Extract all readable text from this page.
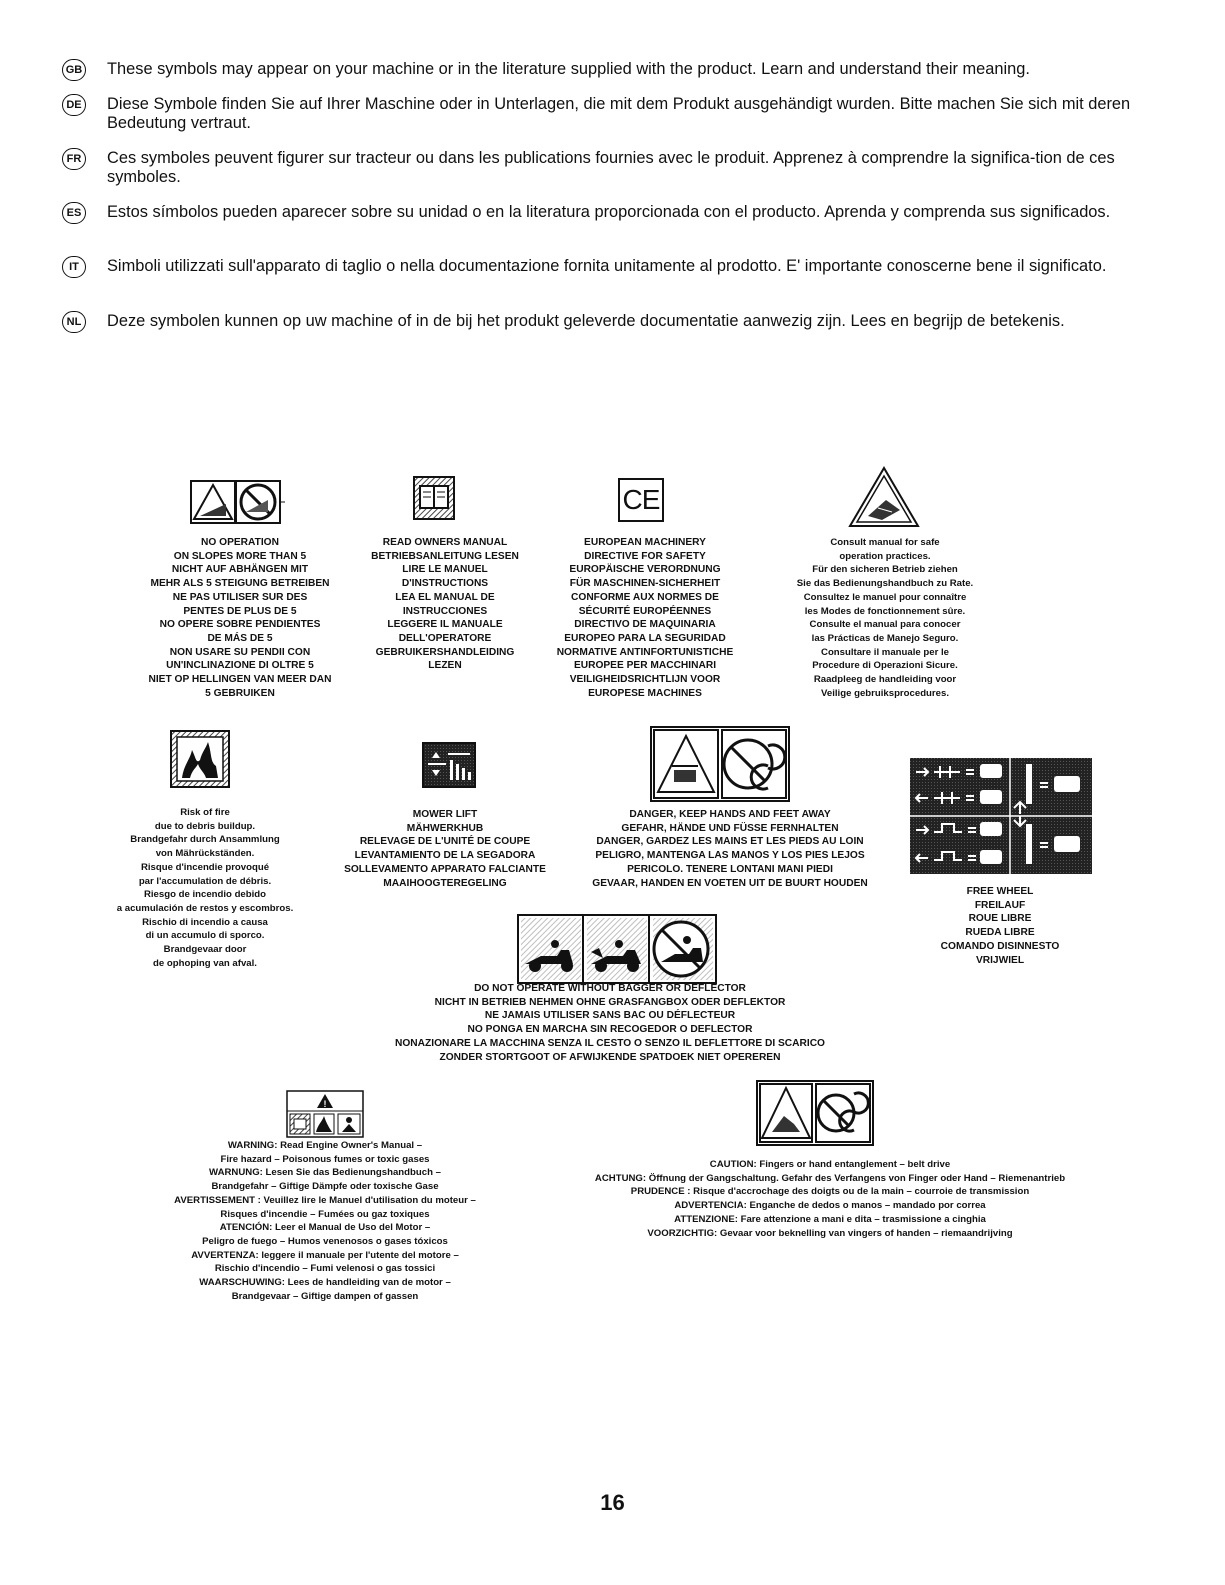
GB These symbols may appear on your machine or in the literature supplied with the product. Learn and understand their meaning.
DE Diese Symbole finden Sie auf Ihrer Maschine oder in Unterlagen, die mit dem Produkt ausgehändigt wurden. Bitte machen Sie sich mit deren Bedeutung vertraut.
FR Ces symboles peuvent figurer sur tracteur ou dans les publications fournies avec le produit. Apprenez à comprendre la significa-tion de ces symboles.
ES Estos símbolos pueden aparecer sobre su unidad o en la literatura proporcionada con el producto. Aprenda y comprenda sus significados.
IT	Simboli utilizzati sull'apparato di taglio o nella documentazione fornita unitamente al prodotto. E' importante conoscerne bene il significato.
NL Deze symbolen kunnen op uw machine of in de bij het produkt geleverde documentatie aanwezig zijn. Lees en begrijp de betekenis.
CE
NO OPERATION
ON SLOPES MORE THAN 5
NICHT AUF ABHÄNGEN MIT
MEHR ALS 5 STEIGUNG BETREIBEN
NE PAS UTILISER SUR DES
PENTES DE PLUS DE 5
NO OPERE SOBRE PENDIENTES
DE MÁS DE 5
NON USARE SU PENDII CON
UN'INCLINAZIONE DI OLTRE 5
NIET OP HELLINGEN VAN MEER DAN
5 GEBRUIKEN
READ OWNERS MANUAL
BETRIEBSANLEITUNG LESEN
LIRE LE MANUEL
D'INSTRUCTIONS
LEA EL MANUAL DE
INSTRUCCIONES
LEGGERE IL MANUALE
DELL'OPERATORE
GEBRUIKERSHANDLEIDING
LEZEN
EUROPEAN MACHINERY
DIRECTIVE FOR SAFETY
EUROPÄISCHE VERORDNUNG
FÜR MASCHINEN-SICHERHEIT
CONFORME AUX NORMES DE
SÉCURITÉ EUROPÉENNES
DIRECTIVO DE MAQUINARIA
EUROPEO PARA LA SEGURIDAD
NORMATIVE ANTINFORTUNISTICHE
EUROPEE PER MACCHINARI
VEILIGHEIDSRICHTLIJN VOOR
EUROPESE MACHINES
Consult manual for safe
operation practices.
Für den sicheren Betrieb ziehen
Sie das Bedienungshandbuch zu Rate.
Consultez le manuel pour connaître
les Modes de fonctionnement sûre.
Consulte el manual para conocer
las Prácticas de Manejo Seguro.
Consultare il manuale per le
Procedure di Operazioni Sicure.
Raadpleeg de handleiding voor
Veilige gebruiksprocedures.
Risk of fire
due to debris buildup.
Brandgefahr durch Ansammlung
von Mährückständen.
Risque d'incendie provoqué
par l'accumulation de débris.
Riesgo de incendio debido
a acumulación de restos y escombros.
Rischio di incendio a causa
di un accumulo di sporco.
Brandgevaar door
de ophoping van afval.
MOWER LIFT
MÄHWERKHUB
RELEVAGE DE L'UNITÉ DE COUPE
LEVANTAMIENTO DE LA SEGADORA
SOLLEVAMENTO APPARATO FALCIANTE
MAAIHOOGTEREGELING
DANGER, KEEP HANDS AND FEET AWAY
GEFAHR, HÄNDE UND FÜSSE FERNHALTEN
DANGER, GARDEZ LES MAINS ET LES PIEDS AU LOIN
PELIGRO, MANTENGA LAS MANOS Y LOS PIES LEJOS
PERICOLO. TENERE LONTANI MANI PIEDI
GEVAAR, HANDEN EN VOETEN UIT DE BUURT HOUDEN
FREE WHEEL
FREILAUF
ROUE LIBRE
RUEDA LIBRE
COMANDO DISINNESTO
VRIJWIEL
DO NOT OPERATE WITHOUT BAGGER OR DEFLECTOR
NICHT IN BETRIEB NEHMEN OHNE GRASFANGBOX ODER DEFLEKTOR
NE JAMAIS UTILISER SANS BAC OU DÉFLECTEUR
NO PONGA EN MARCHA SIN RECOGEDOR O DEFLECTOR
NONAZIONARE LA MACCHINA SENZA IL CESTO O SENZO IL DEFLETTORE DI SCARICO
ZONDER STORTGOOT OF AFWIJKENDE SPATDOEK NIET OPEREREN
!
WARNING: Read Engine Owner's Manual –
Fire hazard – Poisonous fumes or toxic gases
WARNUNG: Lesen Sie das Bedienungshandbuch –
Brandgefahr – Giftige Dämpfe oder toxische Gase
AVERTISSEMENT : Veuillez lire le Manuel d'utilisation du moteur –
Risques d'incendie – Fumées ou gaz toxiques
ATENCIÓN: Leer el Manual de Uso del Motor –
Peligro de fuego – Humos venenosos o gases tóxicos
AVVERTENZA: leggere il manuale per l'utente del motore –
Rischio d'incendio – Fumi velenosi o gas tossici
WAARSCHUWING: Lees de handleiding van de motor –
Brandgevaar – Giftige dampen of gassen
CAUTION: Fingers or hand entanglement – belt drive
ACHTUNG: Öffnung der Gangschaltung. Gefahr des Verfangens von Finger oder Hand – Riemenantrieb
PRUDENCE : Risque d'accrochage des doigts ou de la main – courroie de transmission
ADVERTENCIA: Enganche de dedos o manos – mandado por correa
ATTENZIONE: Fare attenzione a mani e dita – trasmissione a cinghia
VOORZICHTIG: Gevaar voor beknelling van vingers of handen – riemaandrijving
16
